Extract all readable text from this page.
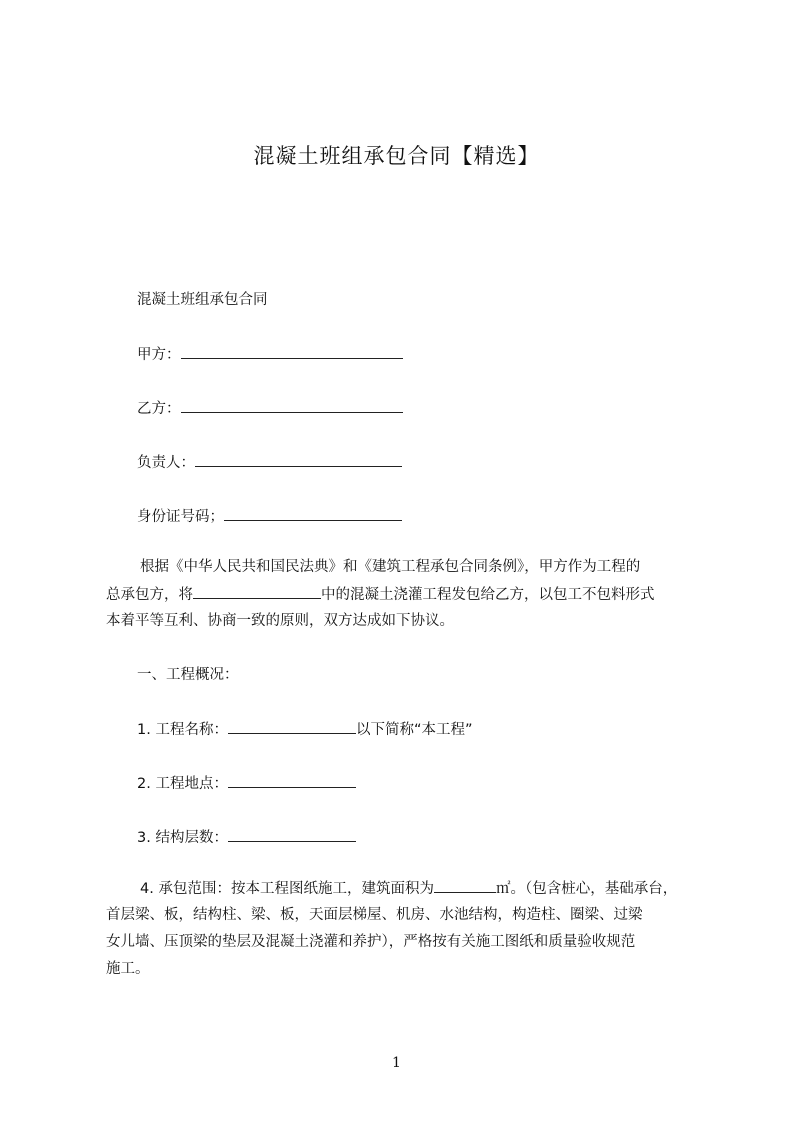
混凝土班组承包合同【精选】
混凝土班组承包合同
甲方：
乙方：
负责人：
身份证号码；
根据《中华人民共和国民法典》和《建筑工程承包合同条例》，甲方作为工程的
总承包方，将	中的混凝土浇灌工程发包给乙方，以包工不包料形式
本着平等互利、协商一致的原则，双方达成如下协议。
一、工程概况：
1. 工程名称：	以下简称“本工程”
2. 工程地点：
3. 结构层数：
4. 承包范围：按本工程图纸施工，建筑面积为	㎡。（包含桩心，基础承台，
首层梁、板，结构柱、梁、板，天面层梯屋、机房、水池结构，构造柱、圈梁、过梁
女儿墙、压顶梁的垫层及混凝土浇灌和养护），严格按有关施工图纸和质量验收规范
施工。
1
